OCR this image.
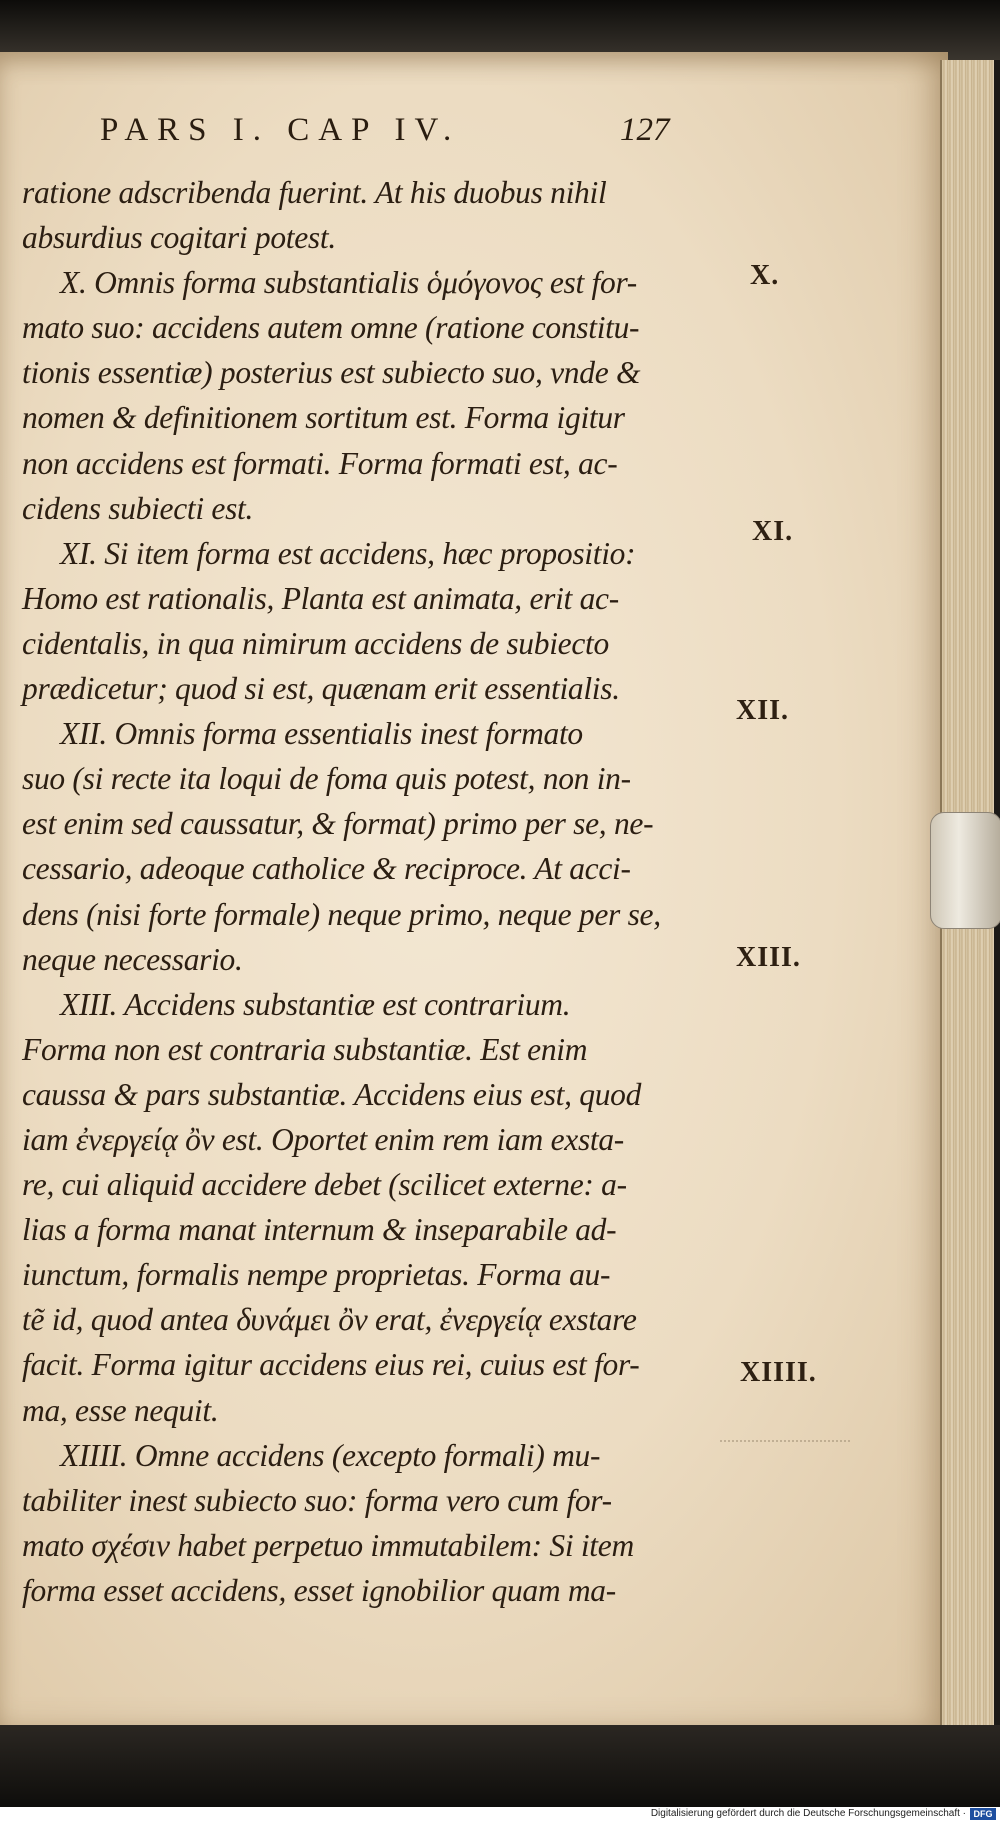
PARS I. CAP IV.	127
ratione adscribenda fuerint. At his duobus nihil
absurdius cogitari potest.
X. Omnis forma substantialis ὁμόγονος est for-
mato suo: accidens autem omne (ratione constitu-
tionis essentiæ) posterius est subiecto suo, vnde &
nomen & definitionem sortitum est. Forma igitur
non accidens est formati. Forma formati est, ac-
cidens subiecti est.
XI. Si item forma est accidens, hæc propositio:
Homo est rationalis, Planta est animata, erit ac-
cidentalis, in qua nimirum accidens de subiecto
prædicetur; quod si est, quænam erit essentialis.
XII. Omnis forma essentialis inest formato
suo (si recte ita loqui de foma quis potest, non in-
est enim sed caussatur, & format) primo per se, ne-
cessario, adeoque catholice & reciproce. At acci-
dens (nisi forte formale) neque primo, neque per se,
neque necessario.
XIII. Accidens substantiæ est contrarium.
Forma non est contraria substantiæ. Est enim
caussa & pars substantiæ. Accidens eius est, quod
iam ἐνεργείᾳ ὂν est. Oportet enim rem iam exsta-
re, cui aliquid accidere debet (scilicet externe: a-
lias a forma manat internum & inseparabile ad-
iunctum, formalis nempe proprietas. Forma au-
tẽ id, quod antea δυνάμει ὂν erat, ἐνεργείᾳ exstare
facit. Forma igitur accidens eius rei, cuius est for-
ma, esse nequit.
XIIII. Omne accidens (excepto formali) mu-
tabiliter inest subiecto suo: forma vero cum for-
mato σχέσιν habet perpetuo immutabilem: Si item
forma esset accidens, esset ignobilior quam ma-
X.
XI.
XII.
XIII.
XIIII.
Digitalisierung gefördert durch die Deutsche Forschungsgemeinschaft · DFG
